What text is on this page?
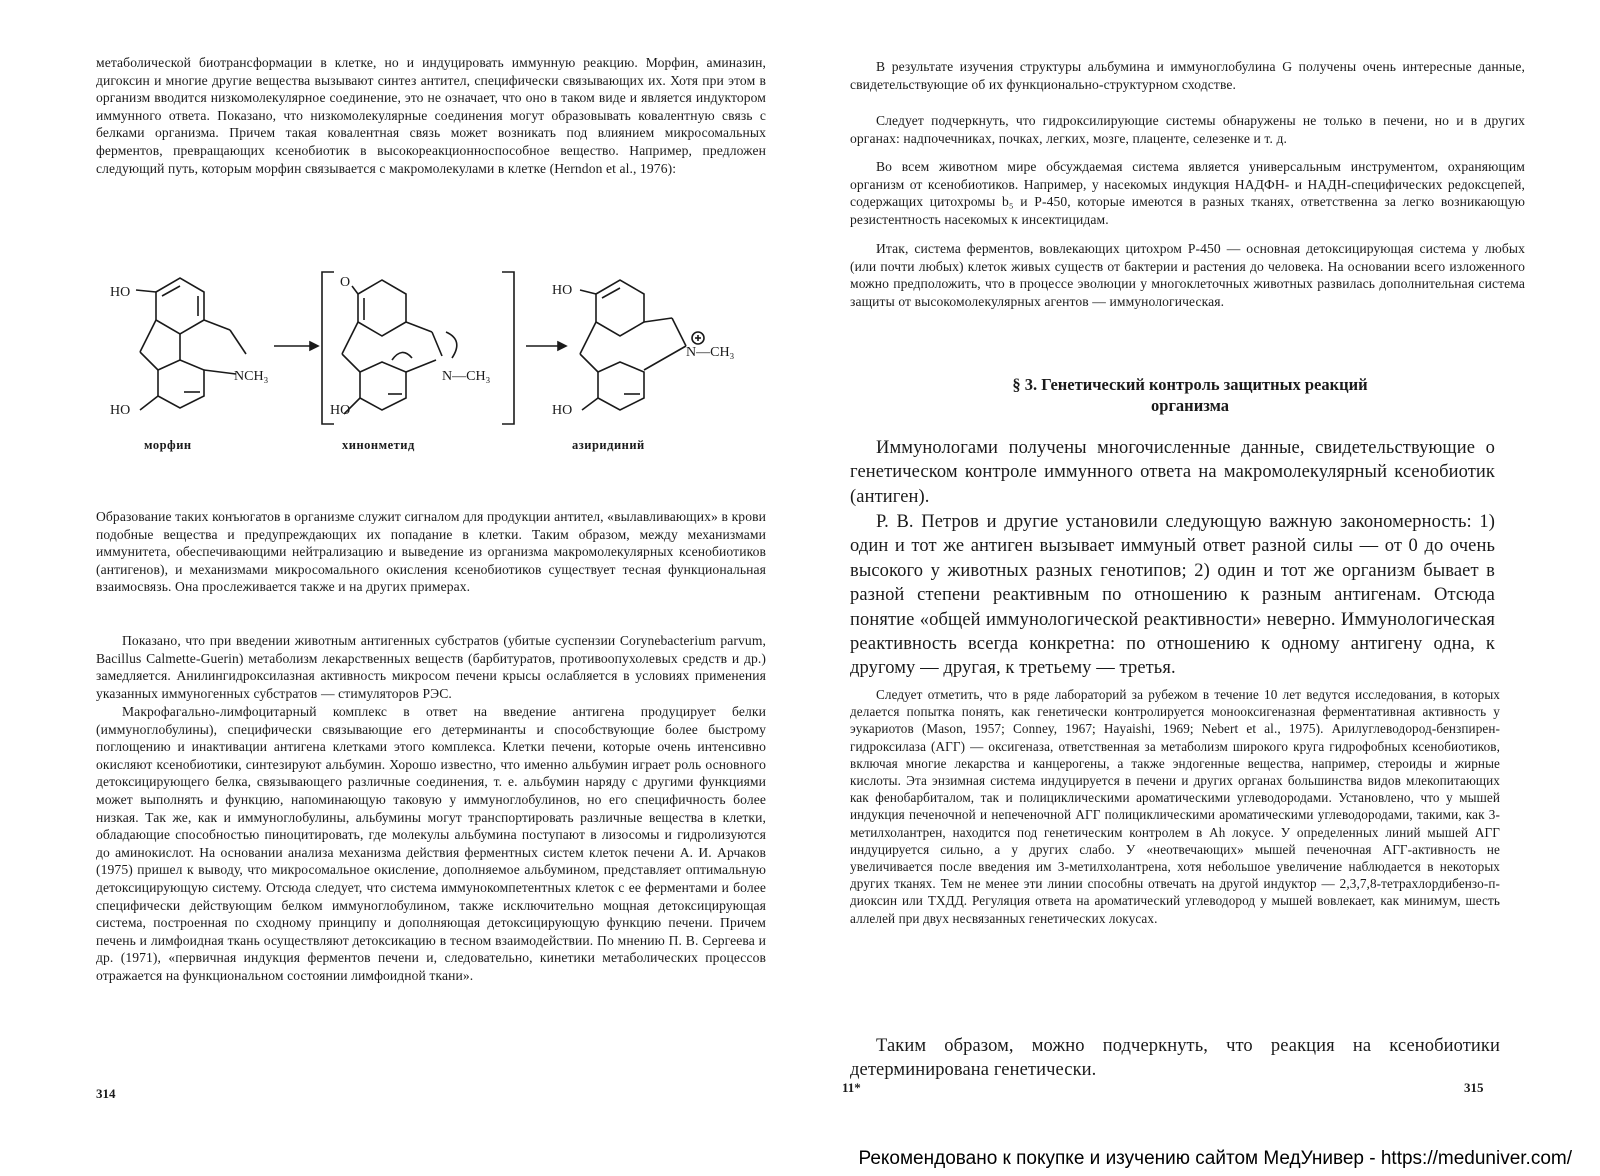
метаболической биотрансформации в клетке, но и индуцировать иммунную реакцию. Морфин, аминазин, дигоксин и многие другие вещества вызывают синтез антител, специфически связывающих их. Хотя при этом в организм вводится низкомолекулярное соединение, это не означает, что оно в таком виде и является индуктором иммунного ответа. Показано, что низкомолекулярные соединения могут образовывать ковалентную связь с белками организма. Причем такая ковалентная связь может возникать под влиянием микросомальных ферментов, превращающих ксенобиотик в высокореакционноспособное вещество. Например, предложен следующий путь, которым морфин связывается с макромолекулами в клетке (Herndon et al., 1976):

Образование таких конъюгатов в организме служит сигналом для продукции антител, «вылавливающих» в крови подобные вещества и предупреждающих их попадание в клетки. Таким образом, между механизмами иммунитета, обеспечивающими нейтрализацию и выведение из организма макромолекулярных ксенобиотиков (антигенов), и механизмами микросомального окисления ксенобиотиков существует тесная функциональная взаимосвязь. Она прослеживается также и на других примерах.

Показано, что при введении животным антигенных субстратов (убитые суспензии Corynebacterium parvum, Bacillus Calmette-Guerin) метаболизм лекарственных веществ (барбитуратов, противоопухолевых средств и др.) замедляется. Анилингидроксилазная активность микросом печени крысы ослабляется в условиях применения указанных иммуногенных субстратов — стимуляторов РЭС.

Макрофагально-лимфоцитарный комплекс в ответ на введение антигена продуцирует белки (иммуноглобулины), специфически связывающие его детерминанты и способствующие более быстрому поглощению и инактивации антигена клетками этого комплекса. Клетки печени, которые очень интенсивно окисляют ксенобиотики, синтезируют альбумин. Хорошо известно, что именно альбумин играет роль основного детоксицирующего белка, связывающего различные соединения, т. е. альбумин наряду с другими функциями может выполнять и функцию, напоминающую таковую у иммуноглобулинов, но его специфичность более низкая. Так же, как и иммуноглобулины, альбумины могут транспортировать различные вещества в клетки, обладающие способностью пиноцитировать, где молекулы альбумина поступают в лизосомы и гидролизуются до аминокислот. На основании анализа механизма действия ферментных систем клеток печени А. И. Арчаков (1975) пришел к выводу, что микросомальное окисление, дополняемое альбумином, представляет оптимальную детоксицирующую систему. Отсюда следует, что система иммунокомпетентных клеток с ее ферментами и более специфически действующим белком иммуноглобулином, также исключительно мощная детоксицирующая система, построенная по сходному принципу и дополняющая детоксицирующую функцию печени. Причем печень и лимфоидная ткань осуществляют детоксикацию в тесном взаимодействии. По мнению П. В. Сергеева и др. (1971), «первичная индукция ферментов печени и, следовательно, кинетики метаболических процессов отражается на функциональном состоянии лимфоидной ткани».

314
HO
NCH₃
HO
O
N—CH₃
HO
HO
N—CH₃
HO
морфин	хинонметид	азиридиний

В результате изучения структуры альбумина и иммуноглобулина G получены очень интересные данные, свидетельствующие об их функционально-структурном сходстве.

Следует подчеркнуть, что гидроксилирующие системы обнаружены не только в печени, но и в других органах: надпочечниках, почках, легких, мозге, плаценте, селезенке и т. д.

Во всем животном мире обсуждаемая система является универсальным инструментом, охраняющим организм от ксенобиотиков. Например, у насекомых индукция НАДФН- и НАДН-специфических редоксцепей, содержащих цитохромы b₅ и Р-450, которые имеются в разных тканях, ответственна за легко возникающую резистентность насекомых к инсектицидам.

Итак, система ферментов, вовлекающих цитохром Р-450 — основная детоксицирующая система у любых (или почти любых) клеток живых существ от бактерии и растения до человека. На основании всего изложенного можно предположить, что в процессе эволюции у многоклеточных животных развилась дополнительная система защиты от высокомолекулярных агентов — иммунологическая.

§ 3. Генетический контроль защитных реакций
организма

Иммунологами получены многочисленные данные, свидетельствующие о генетическом контроле иммунного ответа на макромолекулярный ксенобиотик (антиген).

Р. В. Петров и другие установили следующую важную закономерность: 1) один и тот же антиген вызывает иммуный ответ разной силы — от 0 до очень высокого у животных разных генотипов; 2) один и тот же организм бывает в разной степени реактивным по отношению к разным антигенам. Отсюда понятие «общей иммунологической реактивности» неверно. Иммунологическая реактивность всегда конкретна: по отношению к одному антигену одна, к другому — другая, к третьему — третья.

Следует отметить, что в ряде лабораторий за рубежом в течение 10 лет ведутся исследования, в которых делается попытка понять, как генетически контролируется монооксигеназная ферментативная активность у эукариотов (Mason, 1957; Conney, 1967; Hayaishi, 1969; Nebert et al., 1975). Арилуглеводород-бензпирен-гидроксилаза (АГГ) — оксигеназа, ответственная за метаболизм широкого круга гидрофобных ксенобиотиков, включая многие лекарства и канцерогены, а также эндогенные вещества, например, стероиды и жирные кислоты. Эта энзимная система индуцируется в печени и других органах большинства видов млекопитающих как фенобарбиталом, так и полициклическими ароматическими углеводородами. Установлено, что у мышей индукция печеночной и непеченочной АГГ полициклическими ароматическими углеводородами, такими, как 3-метилхолантрен, находится под генетическим контролем в Ah локусе. У определенных линий мышей АГГ индуцируется сильно, а у других слабо. У «неотвечающих» мышей печеночная АГГ-активность не увеличивается после введения им 3-метилхолантрена, хотя небольшое увеличение наблюдается в некоторых других тканях. Тем не менее эти линии способны отвечать на другой индуктор — 2,3,7,8-тетрахлордибензо-п-диоксин или ТХДД. Регуляция ответа на ароматический углеводород у мышей вовлекает, как минимум, шесть аллелей при двух несвязанных генетических локусах.

Таким образом, можно подчеркнуть, что реакция на ксенобиотики детерминирована генетически.

11*	315
Рекомендовано к покупке и изучению сайтом МедУнивер - https://meduniver.com/
